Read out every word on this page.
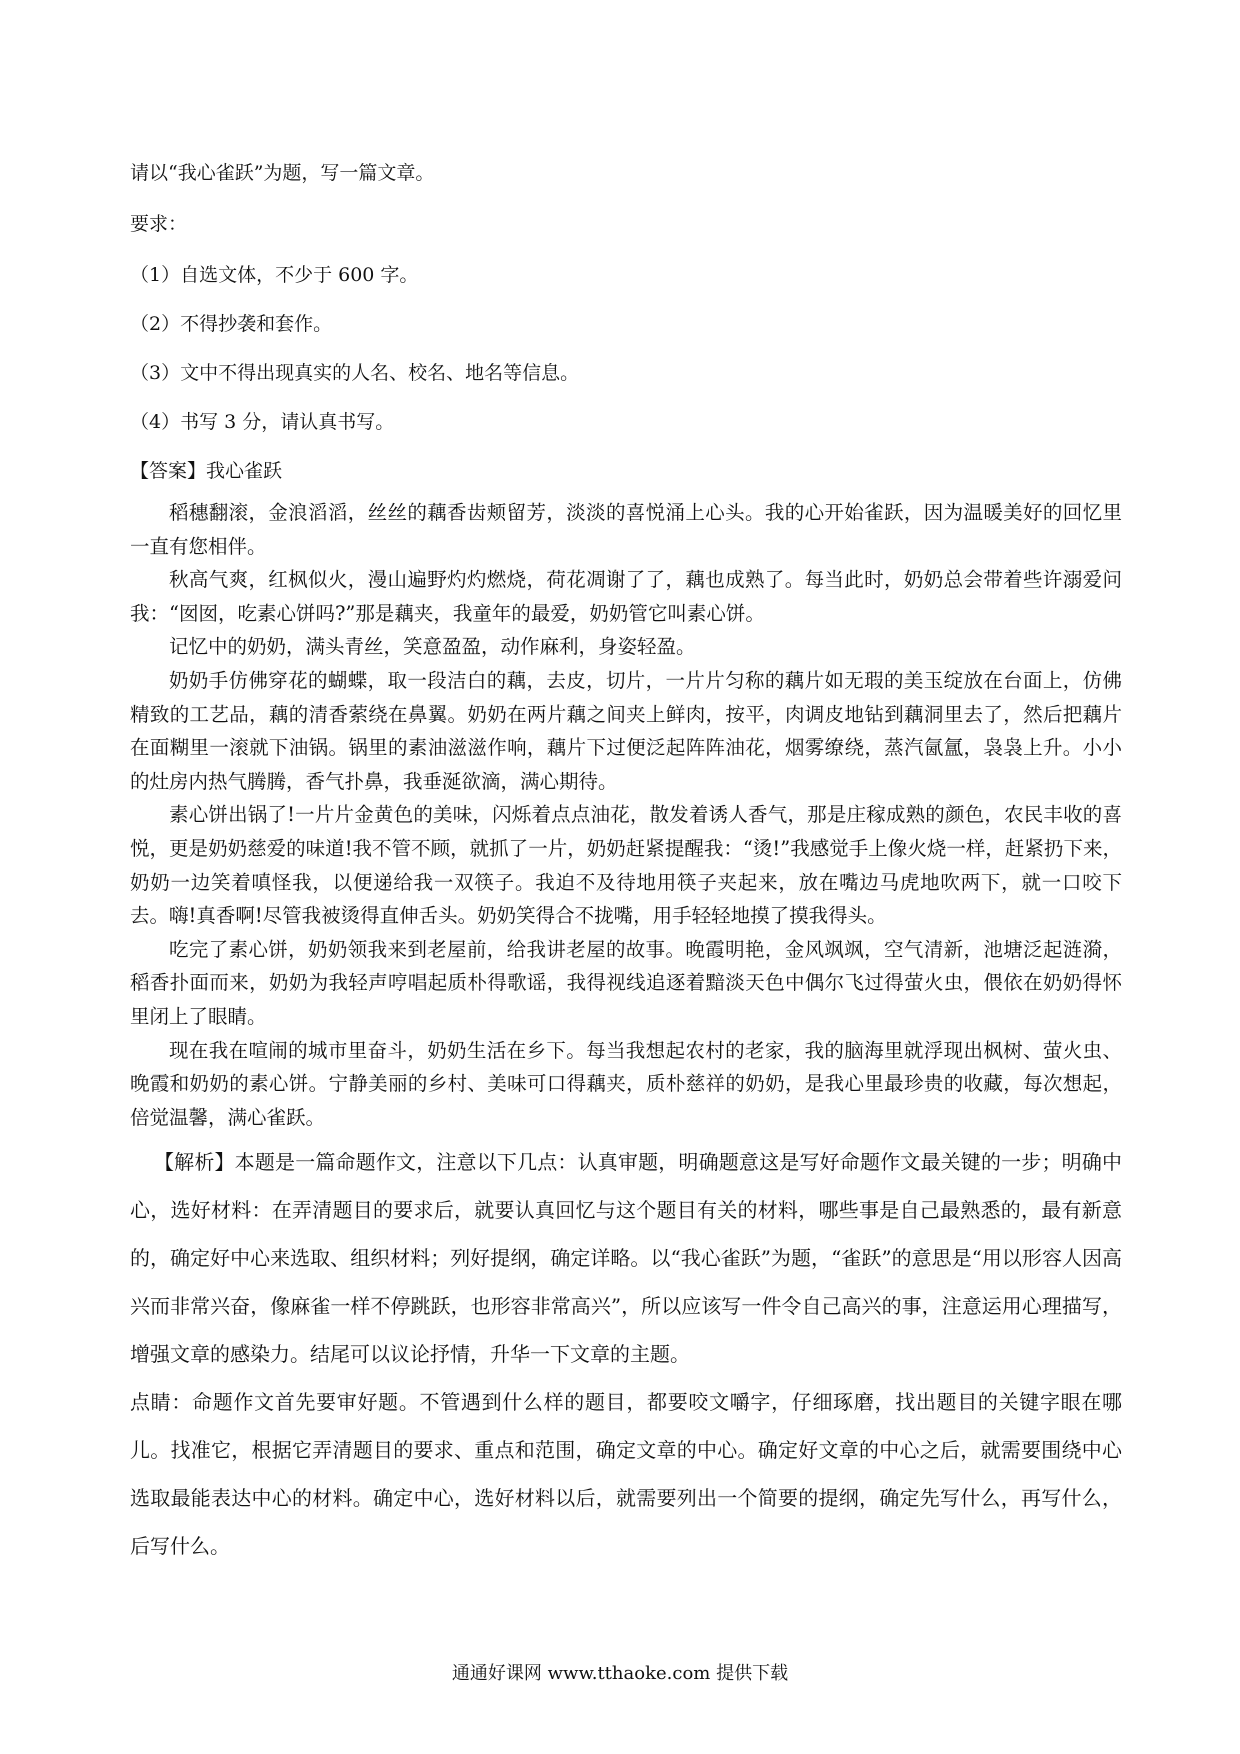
请以“我心雀跃”为题，写一篇文章。
要求：
（1）自选文体，不少于 600 字。
（2）不得抄袭和套作。
（3）文中不得出现真实的人名、校名、地名等信息。
（4）书写 3 分，请认真书写。
【答案】我心雀跃

稻穗翻滚，金浪滔滔，丝丝的藕香齿颊留芳，淡淡的喜悦涌上心头。我的心开始雀跃，因为温暖美好的回忆里一直有您相伴。

秋高气爽，红枫似火，漫山遍野灼灼燃烧，荷花凋谢了了，藕也成熟了。每当此时，奶奶总会带着些许溺爱问我：“囡囡，吃素心饼吗?”那是藕夹，我童年的最爱，奶奶管它叫素心饼。

记忆中的奶奶，满头青丝，笑意盈盈，动作麻利，身姿轻盈。

奶奶手仿佛穿花的蝴蝶，取一段洁白的藕，去皮，切片，一片片匀称的藕片如无瑕的美玉绽放在台面上，仿佛精致的工艺品，藕的清香萦绕在鼻翼。奶奶在两片藕之间夹上鲜肉，按平，肉调皮地钻到藕洞里去了，然后把藕片在面糊里一滚就下油锅。锅里的素油滋滋作响，藕片下过便泛起阵阵油花，烟雾缭绕，蒸汽氤氲，袅袅上升。小小的灶房内热气腾腾，香气扑鼻，我垂涎欲滴，满心期待。

素心饼出锅了!一片片金黄色的美味，闪烁着点点油花，散发着诱人香气，那是庄稼成熟的颜色，农民丰收的喜悦，更是奶奶慈爱的味道!我不管不顾，就抓了一片，奶奶赶紧提醒我：“烫!”我感觉手上像火烧一样，赶紧扔下来，奶奶一边笑着嗔怪我，以便递给我一双筷子。我迫不及待地用筷子夹起来，放在嘴边马虎地吹两下，就一口咬下去。嗨!真香啊!尽管我被烫得直伸舌头。奶奶笑得合不拢嘴，用手轻轻地摸了摸我得头。

吃完了素心饼，奶奶领我来到老屋前，给我讲老屋的故事。晚霞明艳，金风飒飒，空气清新，池塘泛起涟漪，稻香扑面而来，奶奶为我轻声哼唱起质朴得歌谣，我得视线追逐着黯淡天色中偶尔飞过得萤火虫，偎依在奶奶得怀里闭上了眼睛。

现在我在喧闹的城市里奋斗，奶奶生活在乡下。每当我想起农村的老家，我的脑海里就浮现出枫树、萤火虫、晚霞和奶奶的素心饼。宁静美丽的乡村、美味可口得藕夹，质朴慈祥的奶奶，是我心里最珍贵的收藏，每次想起，倍觉温馨，满心雀跃。

【解析】本题是一篇命题作文，注意以下几点：认真审题，明确题意这是写好命题作文最关键的一步；明确中心，选好材料：在弄清题目的要求后，就要认真回忆与这个题目有关的材料，哪些事是自己最熟悉的，最有新意的，确定好中心来选取、组织材料；列好提纲，确定详略。以“我心雀跃”为题，“雀跃”的意思是“用以形容人因高兴而非常兴奋，像麻雀一样不停跳跃，也形容非常高兴”，所以应该写一件令自己高兴的事，注意运用心理描写，增强文章的感染力。结尾可以议论抒情，升华一下文章的主题。

点睛：命题作文首先要审好题。不管遇到什么样的题目，都要咬文嚼字，仔细琢磨，找出题目的关键字眼在哪儿。找准它，根据它弄清题目的要求、重点和范围，确定文章的中心。确定好文章的中心之后，就需要围绕中心选取最能表达中心的材料。确定中心，选好材料以后，就需要列出一个简要的提纲，确定先写什么，再写什么，后写什么。

通通好课网 www.tthaoke.com 提供下载
